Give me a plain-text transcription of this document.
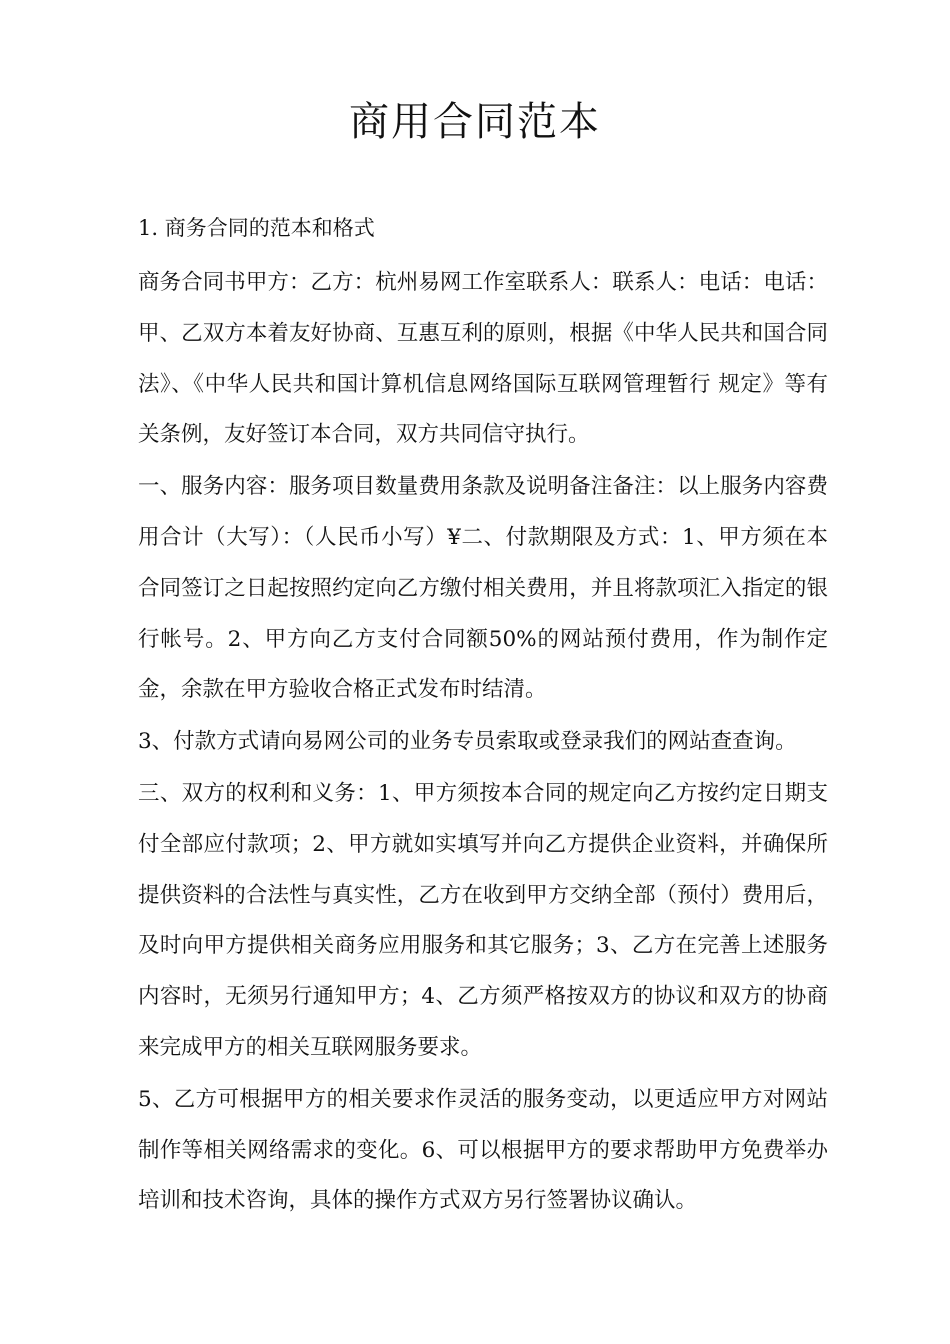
商用合同范本

1. 商务合同的范本和格式

商务合同书甲方：乙方：杭州易网工作室联系人：联系人：电话：电话：甲、乙双方本着友好协商、互惠互利的原则，根据《中华人民共和国合同法》、《中华人民共和国计算机信息网络国际互联网管理暂行 规定》等有关条例，友好签订本合同，双方共同信守执行。

一、服务内容：服务项目数量费用条款及说明备注备注：以上服务内容费用合计（大写）：（人民币小写）¥二、付款期限及方式：1、甲方须在本合同签订之日起按照约定向乙方缴付相关费用，并且将款项汇入指定的银行帐号。2、甲方向乙方支付合同额50%的网站预付费用，作为制作定金，余款在甲方验收合格正式发布时结清。

3、付款方式请向易网公司的业务专员索取或登录我们的网站查查询。

三、双方的权利和义务：1、甲方须按本合同的规定向乙方按约定日期支付全部应付款项；2、甲方就如实填写并向乙方提供企业资料，并确保所提供资料的合法性与真实性，乙方在收到甲方交纳全部（预付）费用后，及时向甲方提供相关商务应用服务和其它服务；3、乙方在完善上述服务内容时，无须另行通知甲方；4、乙方须严格按双方的协议和双方的协商来完成甲方的相关互联网服务要求。

5、乙方可根据甲方的相关要求作灵活的服务变动，以更适应甲方对网站制作等相关网络需求的变化。6、可以根据甲方的要求帮助甲方免费举办培训和技术咨询，具体的操作方式双方另行签署协议确认。
